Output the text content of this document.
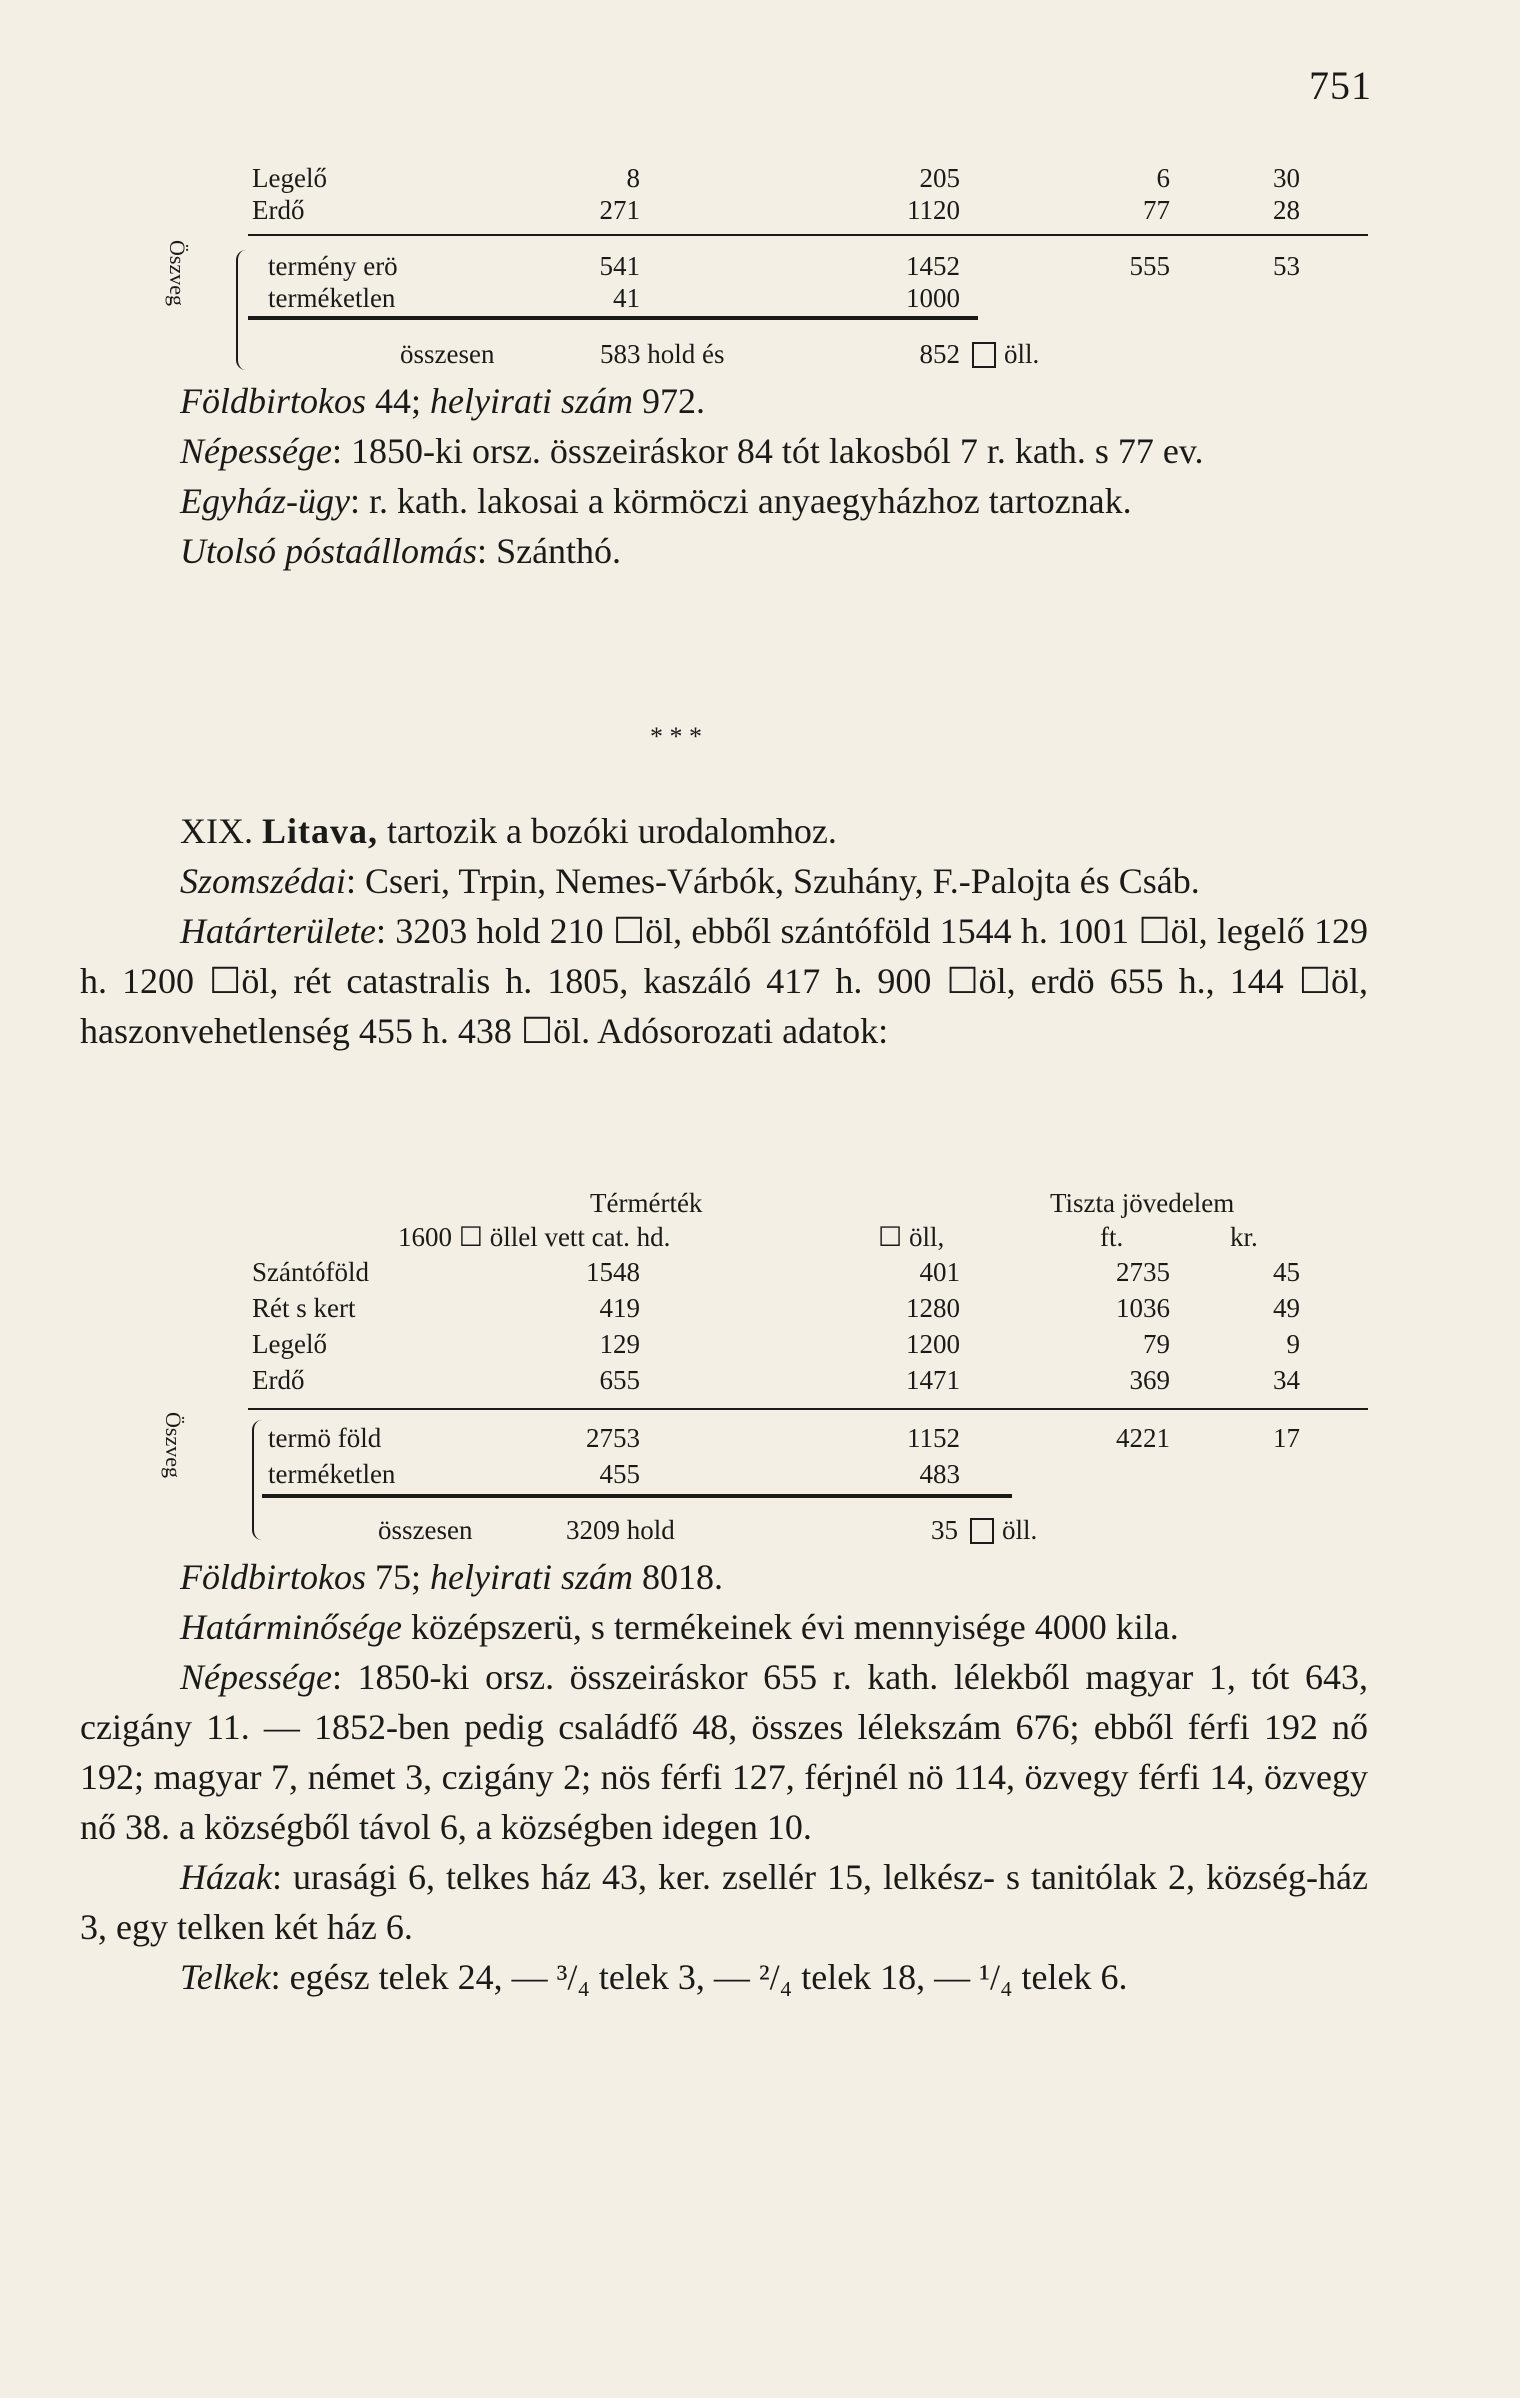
751
Legelő	8	205	6	30
Erdő	271	1120	77	28
Öszveg	termény erö	541	1452	555	53
terméketlen	41	1000
összesen	583 hold és	852 öll.

Földbirtokos 44; helyirati szám 972.

Népessége: 1850-ki orsz. összeiráskor 84 tót lakosból 7 r. kath. s 77 ev.

Egyház-ügy: r. kath. lakosai a körmöczi anyaegyházhoz tartoznak.

Utolsó póstaállomás: Szánthó.

* * *

XIX. Litava, tartozik a bozóki urodalomhoz.

Szomszédai: Cseri, Trpin, Nemes-Várbók, Szuhány, F.-Palojta és Csáb.

Határterülete: 3203 hold 210 ☐öl, ebből szántóföld 1544 h. 1001 ☐öl, legelő 129 h. 1200 ☐öl, rét catastralis h. 1805, kaszáló 417 h. 900 ☐öl, erdö 655 h., 144 ☐öl, haszonvehetlenség 455 h. 438 ☐öl. Adósorozati adatok:

Térmérték	Tiszta jövedelem
1600 ☐ öllel vett cat. hd.	☐ öll,	ft.	kr.
Szántóföld	1548	401	2735	45
Rét s kert	419	1280	1036	49
Legelő	129	1200	79	9
Erdő	655	1471	369	34
Öszveg	termö föld	2753	1152	4221	17
terméketlen	455	483
összesen	3209 hold	35 öll.

Földbirtokos 75; helyirati szám 8018.

Határminősége középszerü, s termékeinek évi mennyisége 4000 kila.

Népessége: 1850-ki orsz. összeiráskor 655 r. kath. lélekből magyar 1, tót 643, czigány 11. — 1852-ben pedig családfő 48, összes lélekszám 676; ebből férfi 192 nő 192; magyar 7, német 3, czigány 2; nös férfi 127, férjnél nö 114, özvegy férfi 14, özvegy nő 38. a községből távol 6, a községben idegen 10.

Házak: urasági 6, telkes ház 43, ker. zsellér 15, lelkész- s tanitólak 2, község-ház 3, egy telken két ház 6.

Telkek: egész telek 24, — ³/₄ telek 3, — ²/₄ telek 18, — ¹/₄ telek 6.
